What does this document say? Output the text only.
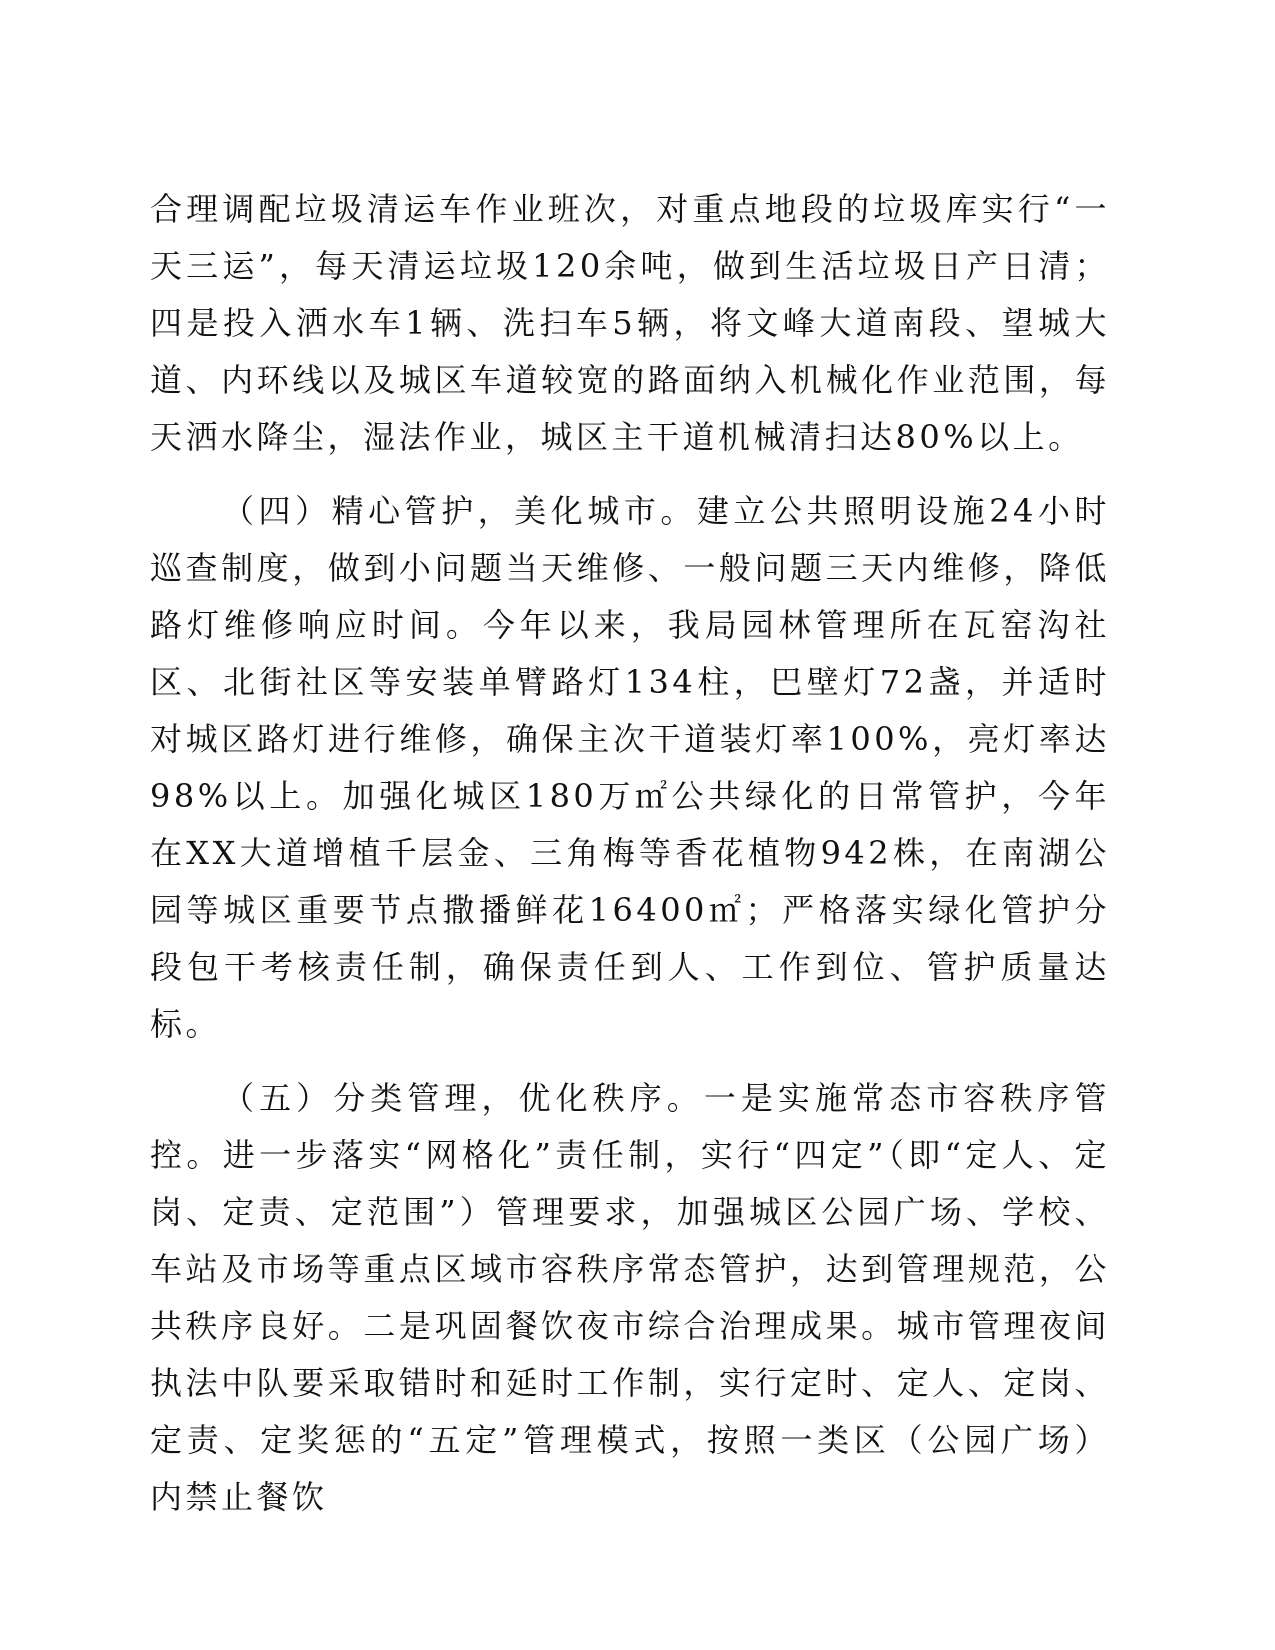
合理调配垃圾清运车作业班次，对重点地段的垃圾库实行“一天三运”，每天清运垃圾120余吨，做到生活垃圾日产日清；四是投入洒水车1辆、洗扫车5辆，将文峰大道南段、望城大道、内环线以及城区车道较宽的路面纳入机械化作业范围，每天洒水降尘，湿法作业，城区主干道机械清扫达80%以上。

（四）精心管护，美化城市。建立公共照明设施24小时巡查制度，做到小问题当天维修、一般问题三天内维修，降低路灯维修响应时间。今年以来，我局园林管理所在瓦窑沟社区、北街社区等安装单臂路灯134柱，巴壁灯72盏，并适时对城区路灯进行维修，确保主次干道装灯率100%，亮灯率达98%以上。加强化城区180万㎡公共绿化的日常管护，今年在XX大道增植千层金、三角梅等香花植物942株，在南湖公园等城区重要节点撒播鲜花16400㎡；严格落实绿化管护分段包干考核责任制，确保责任到人、工作到位、管护质量达标。

（五）分类管理，优化秩序。一是实施常态市容秩序管控。进一步落实“网格化”责任制，实行“四定”（即“定人、定岗、定责、定范围”）管理要求，加强城区公园广场、学校、车站及市场等重点区域市容秩序常态管护，达到管理规范，公共秩序良好。二是巩固餐饮夜市综合治理成果。城市管理夜间执法中队要采取错时和延时工作制，实行定时、定人、定岗、定责、定奖惩的“五定”管理模式，按照一类区（公园广场）内禁止餐饮
